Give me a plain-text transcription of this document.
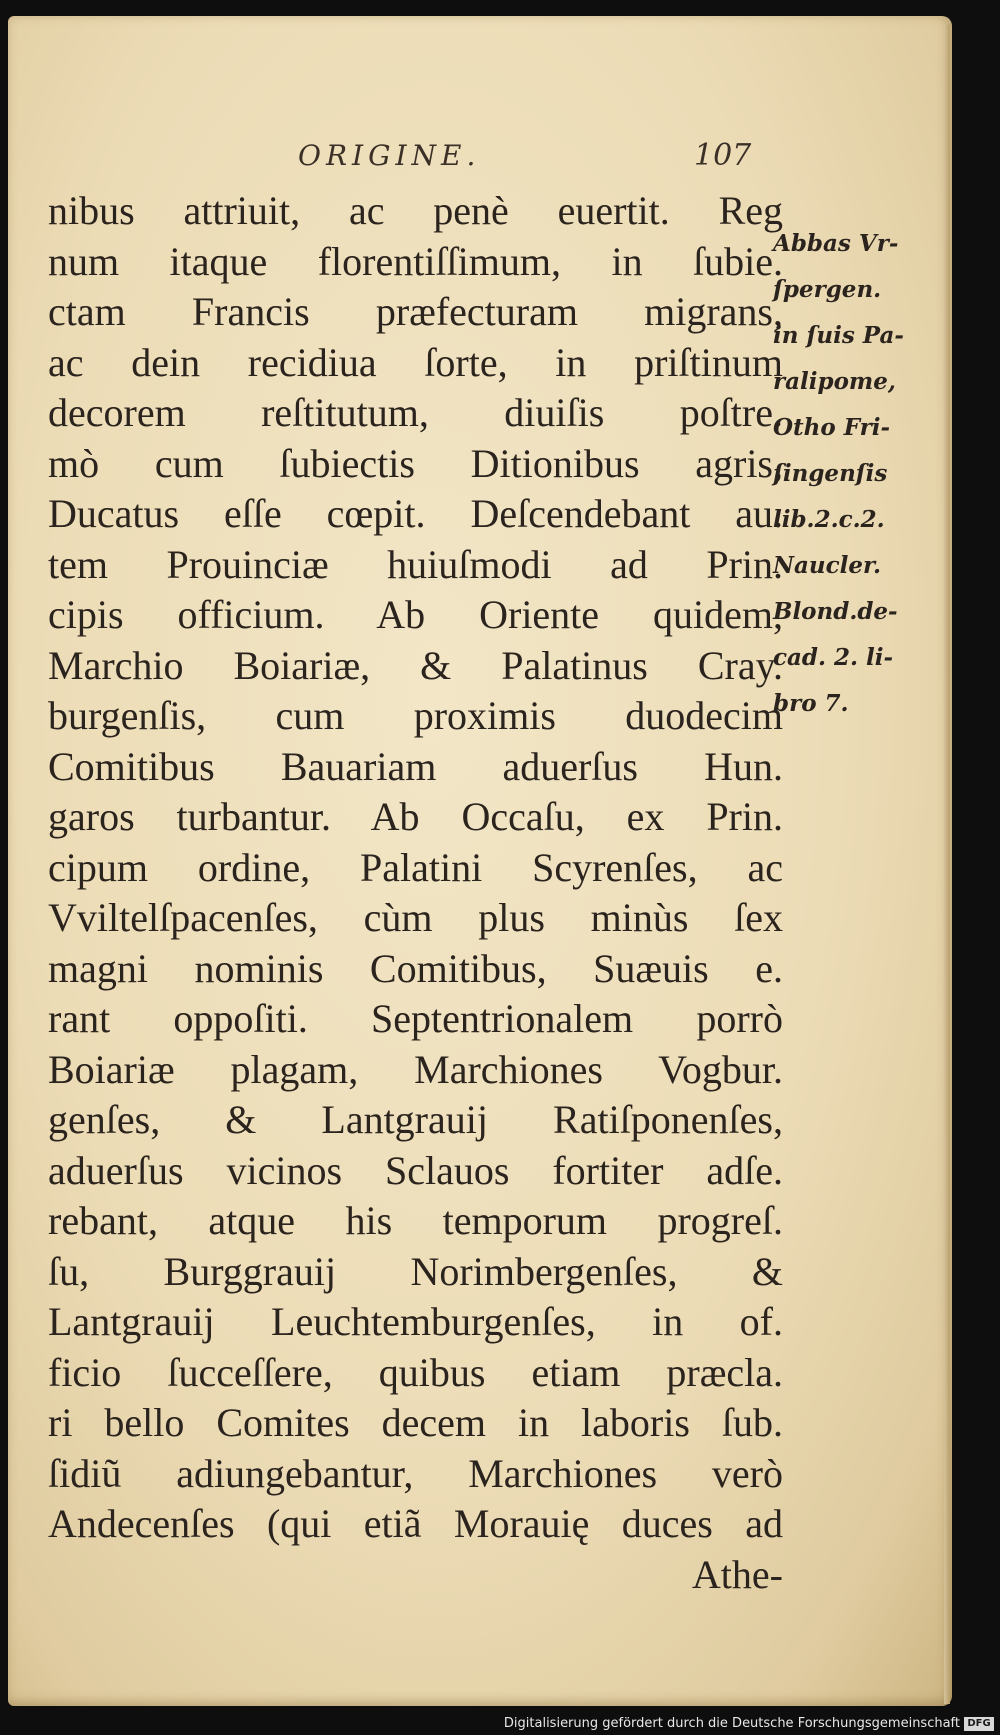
ORIGINE.	107
nibus attriuit, ac penè euertit. Reg
num itaque florentiſſimum, in ſubie.
ctam Francis præfecturam migrans,
ac dein recidiua ſorte, in priſtinum
decorem reſtitutum, diuiſis poſtre.
mò cum ſubiectis Ditionibus agris,
Ducatus eſſe cœpit. Deſcendebant au.
tem Prouinciæ huiuſmodi ad Prin.
cipis officium. Ab Oriente quidem,
Marchio Boiariæ, & Palatinus Cray.
burgenſis, cum proximis duodecim
Comitibus Bauariam aduerſus Hun.
garos turbantur. Ab Occaſu, ex Prin.
cipum ordine, Palatini Scyrenſes, ac
Vviltelſpacenſes, cùm plus minùs ſex
magni nominis Comitibus, Suæuis e.
rant oppoſiti. Septentrionalem porrò
Boiariæ plagam, Marchiones Vogbur.
genſes, & Lantgrauij Ratiſponenſes,
aduerſus vicinos Sclauos fortiter adſe.
rebant, atque his temporum progreſ.
ſu, Burggrauij Norimbergenſes, &
Lantgrauij Leuchtemburgenſes, in of.
ficio ſucceſſere, quibus etiam præcla.
ri bello Comites decem in laboris ſub.
ſidiũ adiungebantur, Marchiones verò
Andecenſes (qui etiã Morauię duces ad
Athe-
Abbas Vr-
ſpergen.
in ſuis Pa-
ralipome,
Otho Fri-
ſingenſis
lib.2.c.2.
Naucler.
Blond.de-
cad. 2. li-
bro 7.
Digitalisierung gefördert durch die Deutsche Forschungsgemeinschaft DFG
